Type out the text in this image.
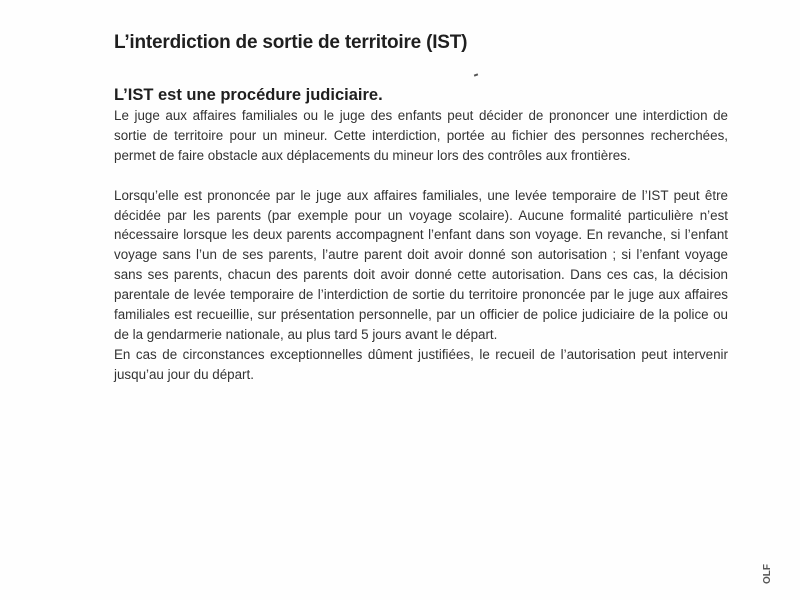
L’interdiction de sortie de territoire (IST)
L’IST est une procédure judiciaire.

Le juge aux affaires familiales ou le juge des enfants peut décider de prononcer une interdiction de sortie de territoire pour un mineur. Cette interdiction, portée au fichier des personnes recherchées, permet de faire obstacle aux déplacements du mineur lors des contrôles aux frontières.

Lorsqu’elle est prononcée par le juge aux affaires familiales, une levée temporaire de l’IST peut être décidée par les parents (par exemple pour un voyage scolaire). Aucune formalité particulière n’est nécessaire lorsque les deux parents accompagnent l’enfant dans son voyage. En revanche, si l’enfant voyage sans l’un de ses parents, l’autre parent doit avoir donné son autorisation ; si l’enfant voyage sans ses parents, chacun des parents doit avoir donné cette autorisation. Dans ces cas, la décision parentale de levée temporaire de l’interdiction de sortie du territoire prononcée par le juge aux affaires familiales est recueillie, sur présentation personnelle, par un officier de police judiciaire de la police ou de la gendarmerie nationale, au plus tard 5 jours avant le départ.

En cas de circonstances exceptionnelles dûment justifiées, le recueil de l’autorisation peut intervenir jusqu’au jour du départ.

OLF
